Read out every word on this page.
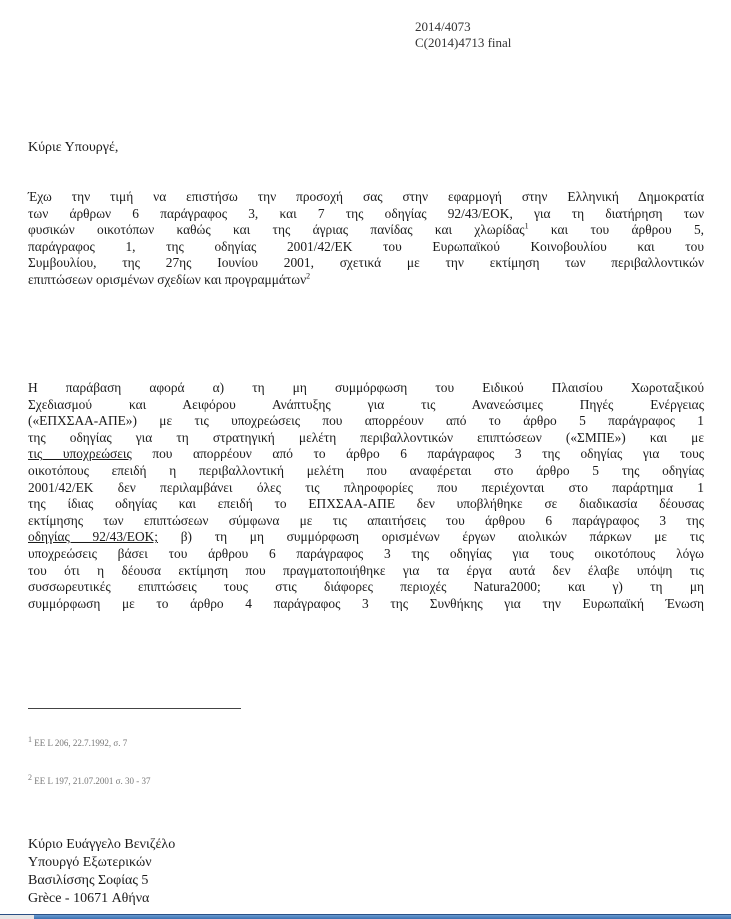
2014/4073
C(2014)4713 final
Κύριε Υπουργέ,
Έχω την τιμή να επιστήσω την προσοχή σας στην εφαρμογή στην Ελληνική Δημοκρατία
των άρθρων 6 παράγραφος 3, και 7 της οδηγίας 92/43/ΕΟΚ, για τη διατήρηση των
φυσικών οικοτόπων καθώς και της άγριας πανίδας και χλωρίδας$^1$ και του άρθρου 5,
παράγραφος 1, της οδηγίας 2001/42/ΕΚ του Ευρωπαϊκού Κοινοβουλίου και του
Συμβουλίου, της 27ης Ιουνίου 2001, σχετικά με την εκτίμηση των περιβαλλοντικών
επιπτώσεων ορισμένων σχεδίων και προγραμμάτων$^2$
Η παράβαση αφορά α) τη μη συμμόρφωση του Ειδικού Πλαισίου Χωροταξικού
Σχεδιασμού και Αειφόρου Ανάπτυξης για τις Ανανεώσιμες Πηγές Ενέργειας
(«ΕΠΧΣΑΑ-ΑΠΕ») με τις υποχρεώσεις που απορρέουν από το άρθρο 5 παράγραφος 1
της οδηγίας για τη στρατηγική μελέτη περιβαλλοντικών επιπτώσεων («ΣΜΠΕ») και με
τις υποχρεώσεις που απορρέουν από το άρθρο 6 παράγραφος 3 της οδηγίας για τους
οικοτόπους επειδή η περιβαλλοντική μελέτη που αναφέρεται στο άρθρο 5 της οδηγίας
2001/42/ΕΚ δεν περιλαμβάνει όλες τις πληροφορίες που περιέχονται στο παράρτημα 1
της ίδιας οδηγίας και επειδή το ΕΠΧΣΑΑ-ΑΠΕ δεν υποβλήθηκε σε διαδικασία δέουσας
εκτίμησης των επιπτώσεων σύμφωνα με τις απαιτήσεις του άρθρου 6 παράγραφος 3 της
οδηγίας 92/43/ΕΟΚ; β) τη μη συμμόρφωση ορισμένων έργων αιολικών πάρκων με τις
υποχρεώσεις βάσει του άρθρου 6 παράγραφος 3 της οδηγίας για τους οικοτόπους λόγω
του ότι η δέουσα εκτίμηση που πραγματοποιήθηκε για τα έργα αυτά δεν έλαβε υπόψη τις
συσσωρευτικές επιπτώσεις τους στις διάφορες περιοχές Natura2000; και γ) τη μη
συμμόρφωση με το άρθρο 4 παράγραφος 3 της Συνθήκης για την Ευρωπαϊκή Ένωση
$^1$ ΕΕ L 206, 22.7.1992, σ. 7
$^2$ ΕΕ L 197, 21.07.2001 σ. 30 - 37
Κύριο Ευάγγελο Βενιζέλο
Υπουργό Εξωτερικών
Βασιλίσσης Σοφίας 5
Grèce - 10671 Αθήνα
